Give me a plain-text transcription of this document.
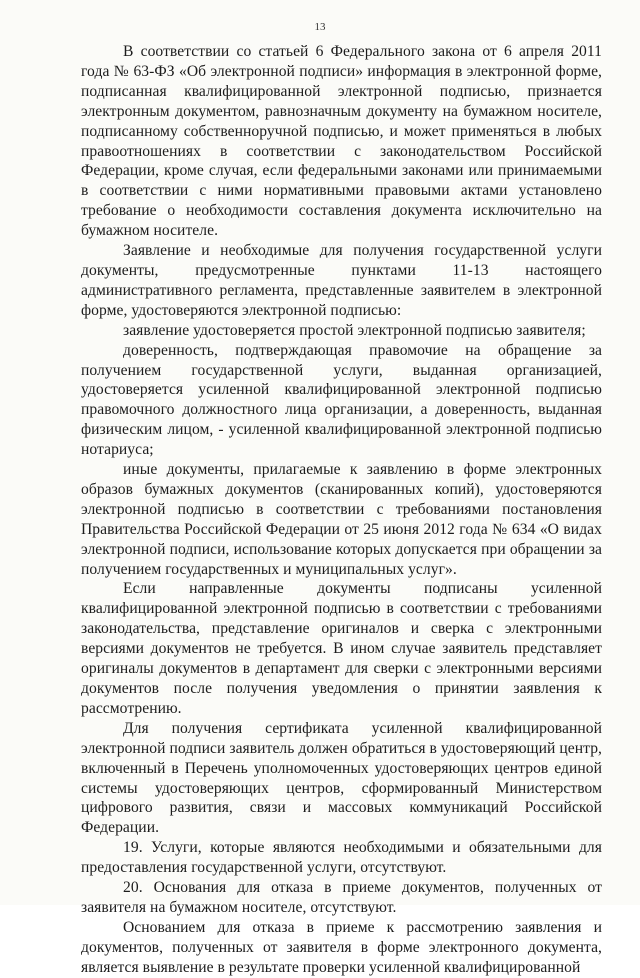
13

В соответствии со статьей 6 Федерального закона от 6 апреля 2011 года № 63-ФЗ «Об электронной подписи» информация в электронной форме, подписанная квалифицированной электронной подписью, признается электронным документом, равнозначным документу на бумажном носителе, подписанному собственноручной подписью, и может применяться в любых правоотношениях в соответствии с законодательством Российской Федерации, кроме случая, если федеральными законами или принимаемыми в соответствии с ними нормативными правовыми актами установлено требование о необходимости составления документа исключительно на бумажном носителе.

Заявление и необходимые для получения государственной услуги документы, предусмотренные пунктами 11-13 настоящего административного регламента, представленные заявителем в электронной форме, удостоверяются электронной подписью:

заявление удостоверяется простой электронной подписью заявителя;

доверенность, подтверждающая правомочие на обращение за получением государственной услуги, выданная организацией, удостоверяется усиленной квалифицированной электронной подписью правомочного должностного лица организации, а доверенность, выданная физическим лицом, - усиленной квалифицированной электронной подписью нотариуса;

иные документы, прилагаемые к заявлению в форме электронных образов бумажных документов (сканированных копий), удостоверяются электронной подписью в соответствии с требованиями постановления Правительства Российской Федерации от 25 июня 2012 года № 634 «О видах электронной подписи, использование которых допускается при обращении за получением государственных и муниципальных услуг».

Если направленные документы подписаны усиленной квалифицированной электронной подписью в соответствии с требованиями законодательства, представление оригиналов и сверка с электронными версиями документов не требуется. В ином случае заявитель представляет оригиналы документов в департамент для сверки с электронными версиями документов после получения уведомления о принятии заявления к рассмотрению.

Для получения сертификата усиленной квалифицированной электронной подписи заявитель должен обратиться в удостоверяющий центр, включенный в Перечень уполномоченных удостоверяющих центров единой системы удостоверяющих центров, сформированный Министерством цифрового развития, связи и массовых коммуникаций Российской Федерации.

19. Услуги, которые являются необходимыми и обязательными для предоставления государственной услуги, отсутствуют.

20. Основания для отказа в приеме документов, полученных от заявителя на бумажном носителе, отсутствуют.

Основанием для отказа в приеме к рассмотрению заявления и документов, полученных от заявителя в форме электронного документа, является выявление в результате проверки усиленной квалифицированной
